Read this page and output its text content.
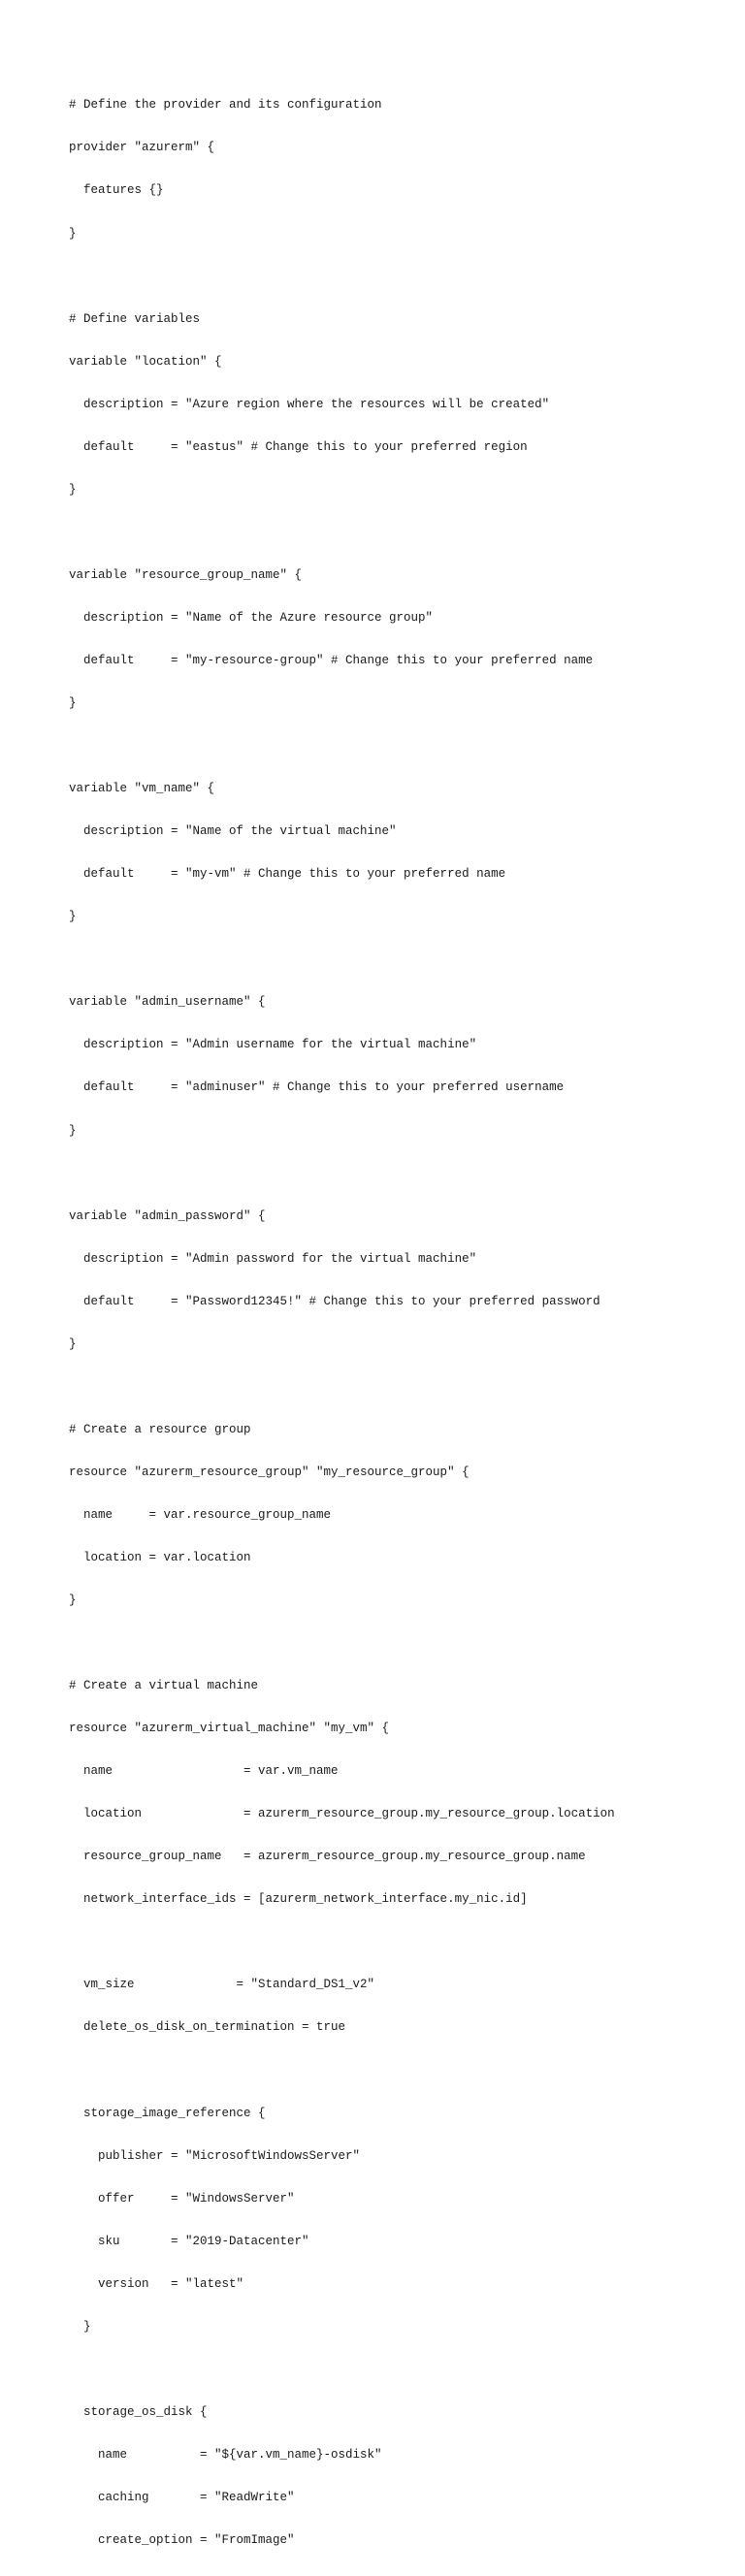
# Define the provider and its configuration

provider "azurerm" {

features {}

}

# Define variables

variable "location" {

description = "Azure region where the resources will be created"

default     = "eastus" # Change this to your preferred region

}

variable "resource_group_name" {

description = "Name of the Azure resource group"

default     = "my-resource-group" # Change this to your preferred name

}

variable "vm_name" {

description = "Name of the virtual machine"

default     = "my-vm" # Change this to your preferred name

}

variable "admin_username" {

description = "Admin username for the virtual machine"

default     = "adminuser" # Change this to your preferred username

}

variable "admin_password" {

description = "Admin password for the virtual machine"

default     = "Password12345!" # Change this to your preferred password

}

# Create a resource group

resource "azurerm_resource_group" "my_resource_group" {

name     = var.resource_group_name

location = var.location

}

# Create a virtual machine

resource "azurerm_virtual_machine" "my_vm" {

name                  = var.vm_name

location              = azurerm_resource_group.my_resource_group.location

resource_group_name   = azurerm_resource_group.my_resource_group.name

network_interface_ids = [azurerm_network_interface.my_nic.id]

vm_size              = "Standard_DS1_v2"

delete_os_disk_on_termination = true

storage_image_reference {

publisher = "MicrosoftWindowsServer"

offer     = "WindowsServer"

sku       = "2019-Datacenter"

version   = "latest"

}

storage_os_disk {

name          = "${var.vm_name}-osdisk"

caching       = "ReadWrite"

create_option = "FromImage"
